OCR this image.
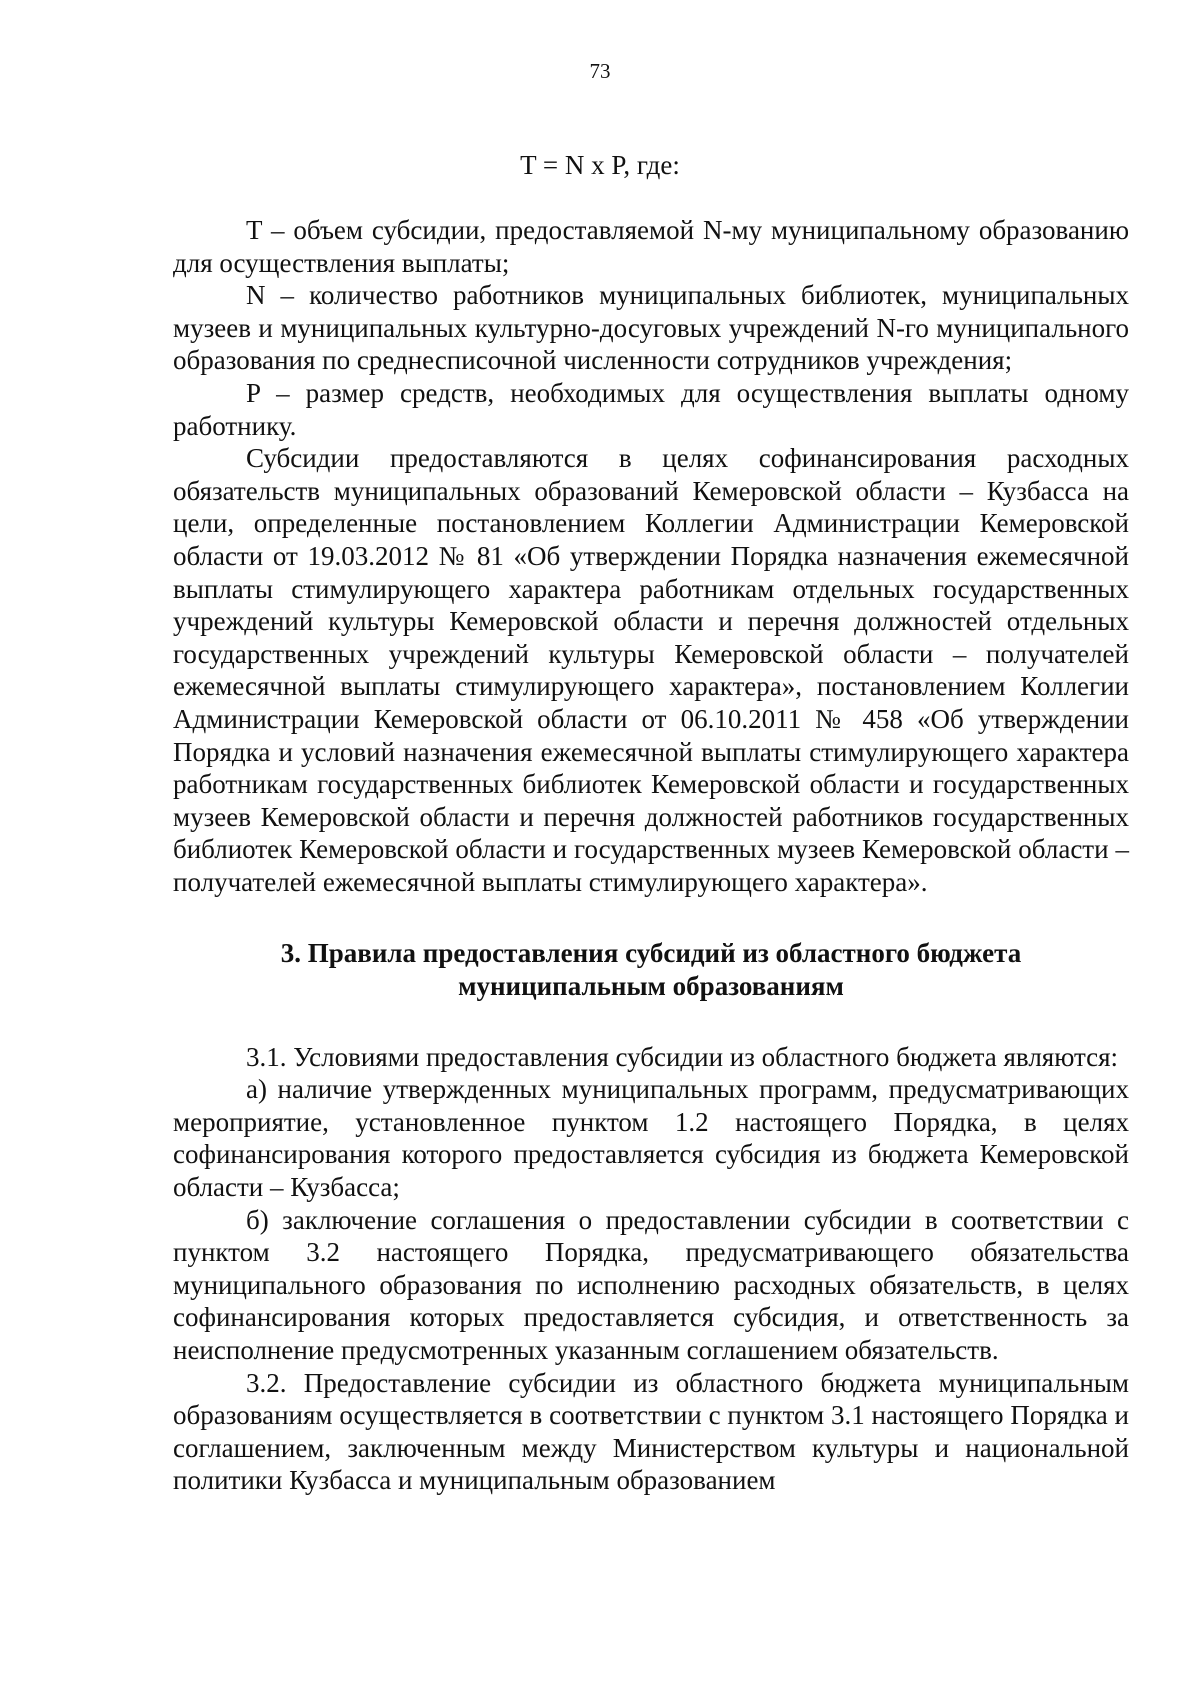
73
T = N x P, где:

T – объем субсидии, предоставляемой N-му муниципальному образованию для осуществления выплаты;

N – количество работников муниципальных библиотек, муниципальных музеев и муниципальных культурно-досуговых учреждений N-го муниципального образования по среднесписочной численности сотрудников учреждения;

P – размер средств, необходимых для осуществления выплаты одному работнику.

Субсидии предоставляются в целях софинансирования расходных обязательств муниципальных образований Кемеровской области – Кузбасса на цели, определенные постановлением Коллегии Администрации Кемеровской области от 19.03.2012 № 81 «Об утверждении Порядка назначения ежемесячной выплаты стимулирующего характера работникам отдельных государственных учреждений культуры Кемеровской области и перечня должностей отдельных государственных учреждений культуры Кемеровской области – получателей ежемесячной выплаты стимулирующего характера», постановлением Коллегии Администрации Кемеровской области от 06.10.2011 № 458 «Об утверждении Порядка и условий назначения ежемесячной выплаты стимулирующего характера работникам государственных библиотек Кемеровской области и государственных музеев Кемеровской области и перечня должностей работников государственных библиотек Кемеровской области и государственных музеев Кемеровской области – получателей ежемесячной выплаты стимулирующего характера».

3. Правила предоставления субсидий из областного бюджета
муниципальным образованиям

3.1. Условиями предоставления субсидии из областного бюджета являются:

а) наличие утвержденных муниципальных программ, предусматривающих мероприятие, установленное пунктом 1.2 настоящего Порядка, в целях софинансирования которого предоставляется субсидия из бюджета Кемеровской области – Кузбасса;

б) заключение соглашения о предоставлении субсидии в соответствии с пунктом 3.2 настоящего Порядка, предусматривающего обязательства муниципального образования по исполнению расходных обязательств, в целях софинансирования которых предоставляется субсидия, и ответственность за неисполнение предусмотренных указанным соглашением обязательств.

3.2. Предоставление субсидии из областного бюджета муниципальным образованиям осуществляется в соответствии с пунктом 3.1 настоящего Порядка и соглашением, заключенным между Министерством культуры и национальной политики Кузбасса и муниципальным образованием
